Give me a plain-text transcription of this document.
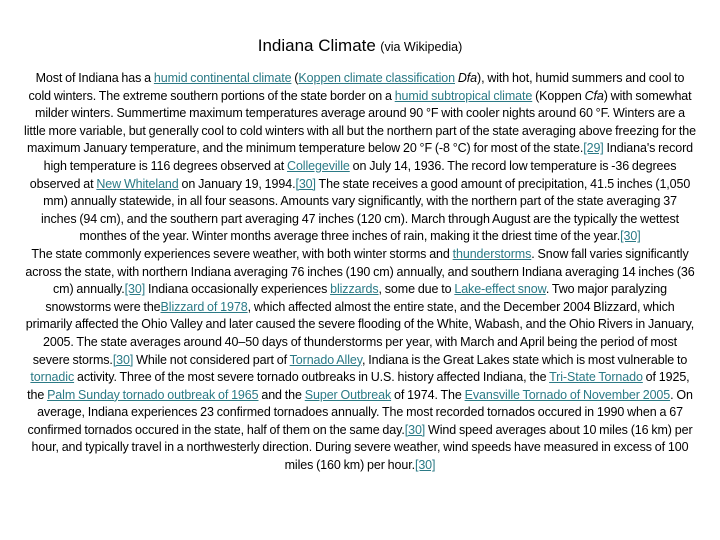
Indiana Climate (via Wikipedia)

Most of Indiana has a humid continental climate (Koppen climate classification Dfa), with hot, humid summers and cool to cold winters. The extreme southern portions of the state border on a humid subtropical climate (Koppen Cfa) with somewhat milder winters. Summertime maximum temperatures average around 90 °F with cooler nights around 60 °F. Winters are a little more variable, but generally cool to cold winters with all but the northern part of the state averaging above freezing for the maximum January temperature, and the minimum temperature below 20 °F (-8 °C) for most of the state.[29] Indiana's record high temperature is 116 degrees observed at Collegeville on July 14, 1936. The record low temperature is -36 degrees observed at New Whiteland on January 19, 1994.[30] The state receives a good amount of precipitation, 41.5 inches (1,050 mm) annually statewide, in all four seasons. Amounts vary significantly, with the northern part of the state averaging 37 inches (94 cm), and the southern part averaging 47 inches (120 cm). March through August are the typically the wettest monthes of the year. Winter months average three inches of rain, making it the driest time of the year.[30]

The state commonly experiences severe weather, with both winter storms and thunderstorms. Snow fall varies significantly across the state, with northern Indiana averaging 76 inches (190 cm) annually, and southern Indiana averaging 14 inches (36 cm) annually.[30] Indiana occasionally experiences blizzards, some due to Lake-effect snow. Two major paralyzing snowstorms were theBlizzard of 1978, which affected almost the entire state, and the December 2004 Blizzard, which primarily affected the Ohio Valley and later caused the severe flooding of the White, Wabash, and the Ohio Rivers in January, 2005. The state averages around 40–50 days of thunderstorms per year, with March and April being the period of most severe storms.[30] While not considered part of Tornado Alley, Indiana is the Great Lakes state which is most vulnerable to tornadic activity. Three of the most severe tornado outbreaks in U.S. history affected Indiana, the Tri-State Tornado of 1925, the Palm Sunday tornado outbreak of 1965 and the Super Outbreak of 1974. The Evansville Tornado of November 2005. On average, Indiana experiences 23 confirmed tornadoes annually. The most recorded tornados occured in 1990 when a 67 confirmed tornados occured in the state, half of them on the same day.[30] Wind speed averages about 10 miles (16 km) per hour, and typically travel in a northwesterly direction. During severe weather, wind speeds have measured in excess of 100 miles (160 km) per hour.[30]
